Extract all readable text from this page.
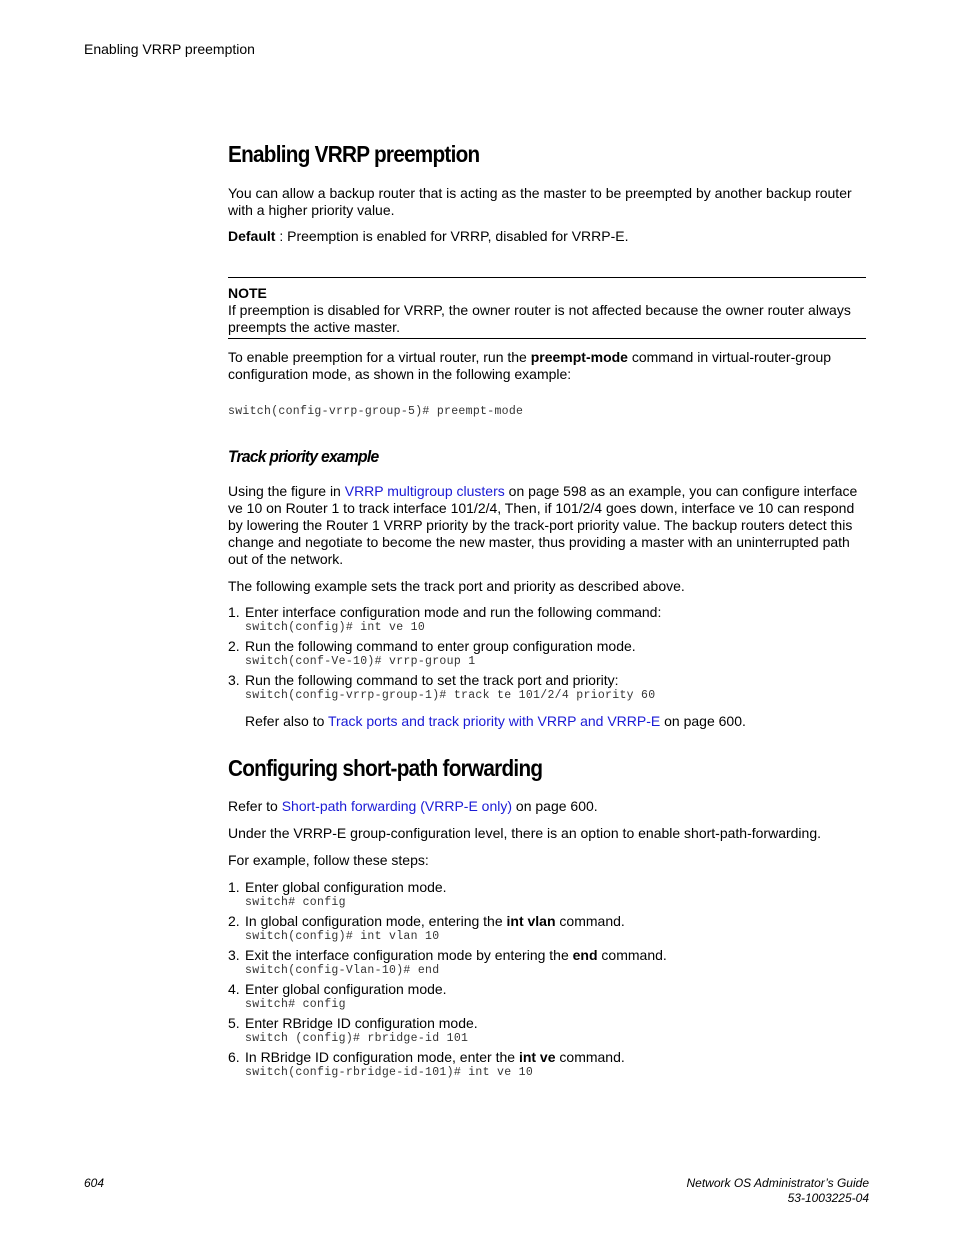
Enabling VRRP preemption
Enabling VRRP preemption

You can allow a backup router that is acting as the master to be preempted by another backup router with a higher priority value.

Default : Preemption is enabled for VRRP, disabled for VRRP-E.

NOTE

If preemption is disabled for VRRP, the owner router is not affected because the owner router always preempts the active master.

To enable preemption for a virtual router, run the preempt-mode command in virtual-router-group configuration mode, as shown in the following example:

switch(config-vrrp-group-5)# preempt-mode
Track priority example

Using the figure in VRRP multigroup clusters on page 598 as an example, you can configure interface ve 10 on Router 1 to track interface 101/2/4, Then, if 101/2/4 goes down, interface ve 10 can respond by lowering the Router 1 VRRP priority by the track-port priority value. The backup routers detect this change and negotiate to become the new master, thus providing a master with an uninterrupted path out of the network.

The following example sets the track port and priority as described above.

1. Enter interface configuration mode and run the following command:
switch(config)# int ve 10
2. Run the following command to enter group configuration mode.
switch(conf-Ve-10)# vrrp-group 1
3. Run the following command to set the track port and priority:
switch(config-vrrp-group-1)# track te 101/2/4 priority 60

Refer also to Track ports and track priority with VRRP and VRRP-E on page 600.

Configuring short-path forwarding

Refer to Short-path forwarding (VRRP-E only) on page 600.

Under the VRRP-E group-configuration level, there is an option to enable short-path-forwarding.

For example, follow these steps:

1. Enter global configuration mode.
switch# config
2. In global configuration mode, entering the int vlan command.
switch(config)# int vlan 10
3. Exit the interface configuration mode by entering the end command.
switch(config-Vlan-10)# end
4. Enter global configuration mode.
switch# config
5. Enter RBridge ID configuration mode.
switch (config)# rbridge-id 101
6. In RBridge ID configuration mode, enter the int ve command.
switch(config-rbridge-id-101)# int ve 10
604	Network OS Administrator’s Guide
53-1003225-04
